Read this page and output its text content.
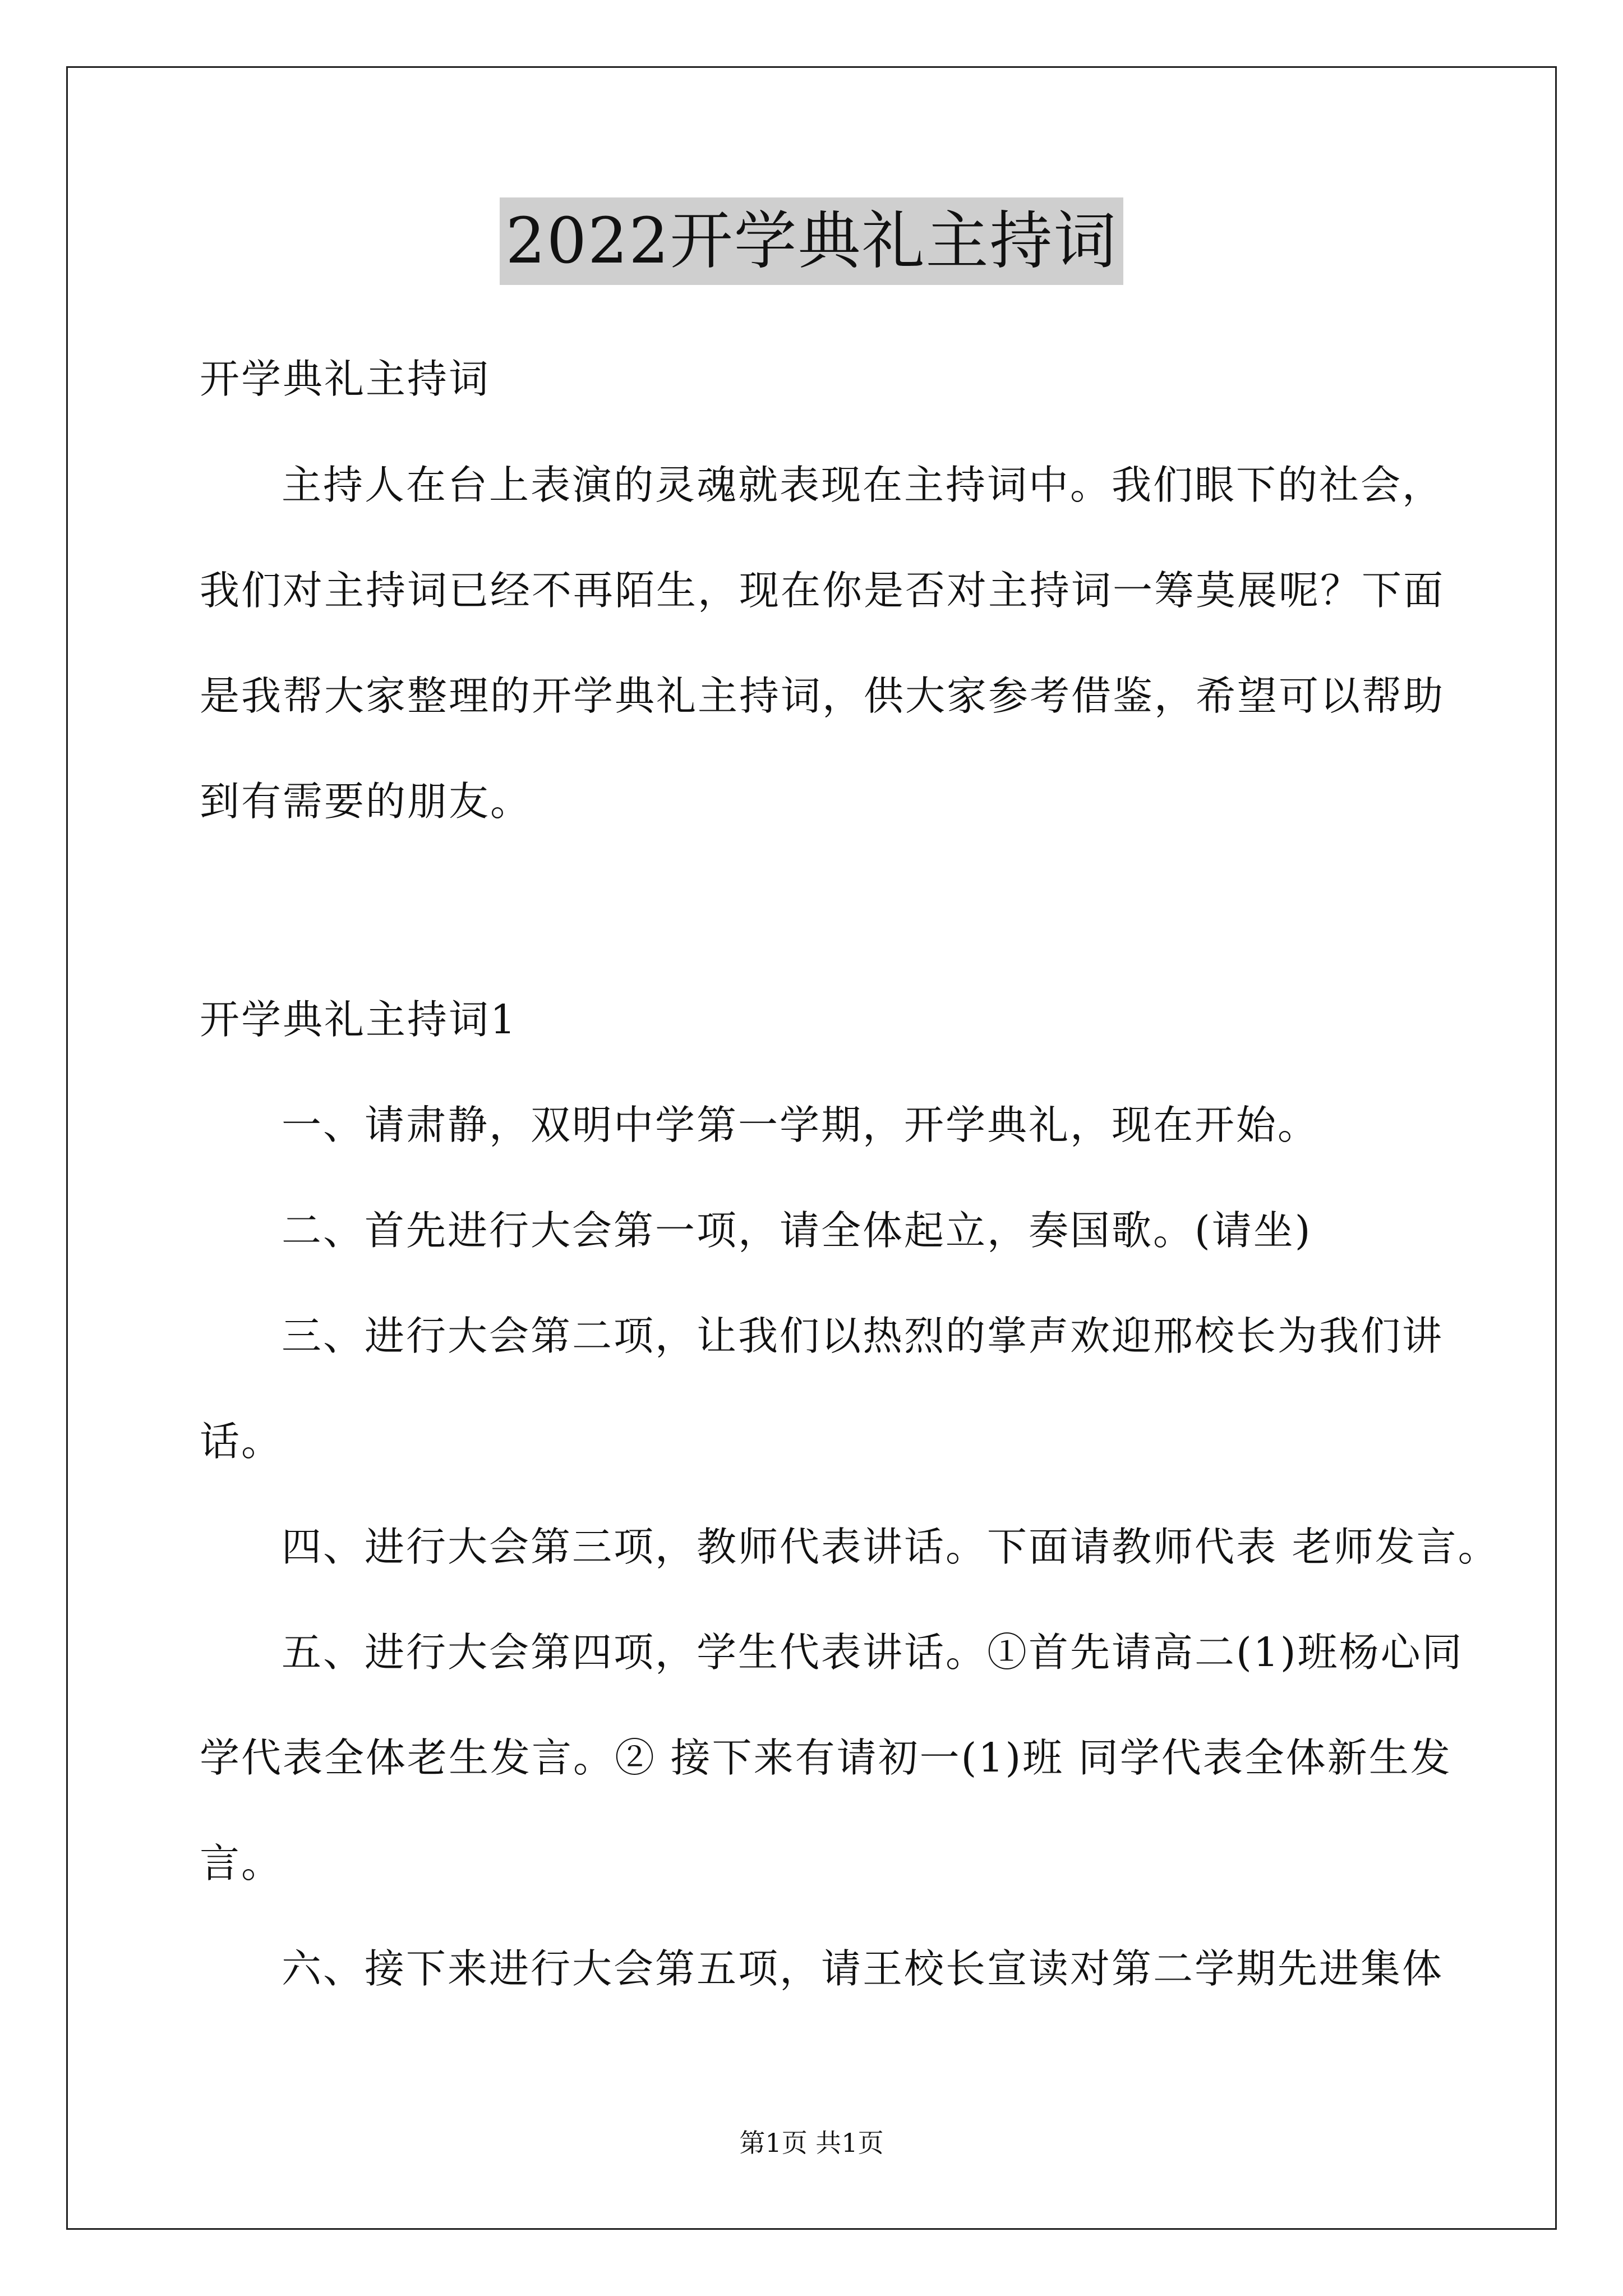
2022开学典礼主持词
开学典礼主持词
主持人在台上表演的灵魂就表现在主持词中。我们眼下的社会，
我们对主持词已经不再陌生，现在你是否对主持词一筹莫展呢？下面
是我帮大家整理的开学典礼主持词，供大家参考借鉴，希望可以帮助
到有需要的朋友。
开学典礼主持词1
一、请肃静，双明中学第一学期，开学典礼，现在开始。
二、首先进行大会第一项，请全体起立，奏国歌。(请坐)
三、进行大会第二项，让我们以热烈的掌声欢迎邢校长为我们讲
话。
四、进行大会第三项，教师代表讲话。下面请教师代表 老师发言。
五、进行大会第四项，学生代表讲话。①首先请高二(1)班杨心同
学代表全体老生发言。② 接下来有请初一(1)班 同学代表全体新生发
言。
六、接下来进行大会第五项，请王校长宣读对第二学期先进集体
第1页 共1页
